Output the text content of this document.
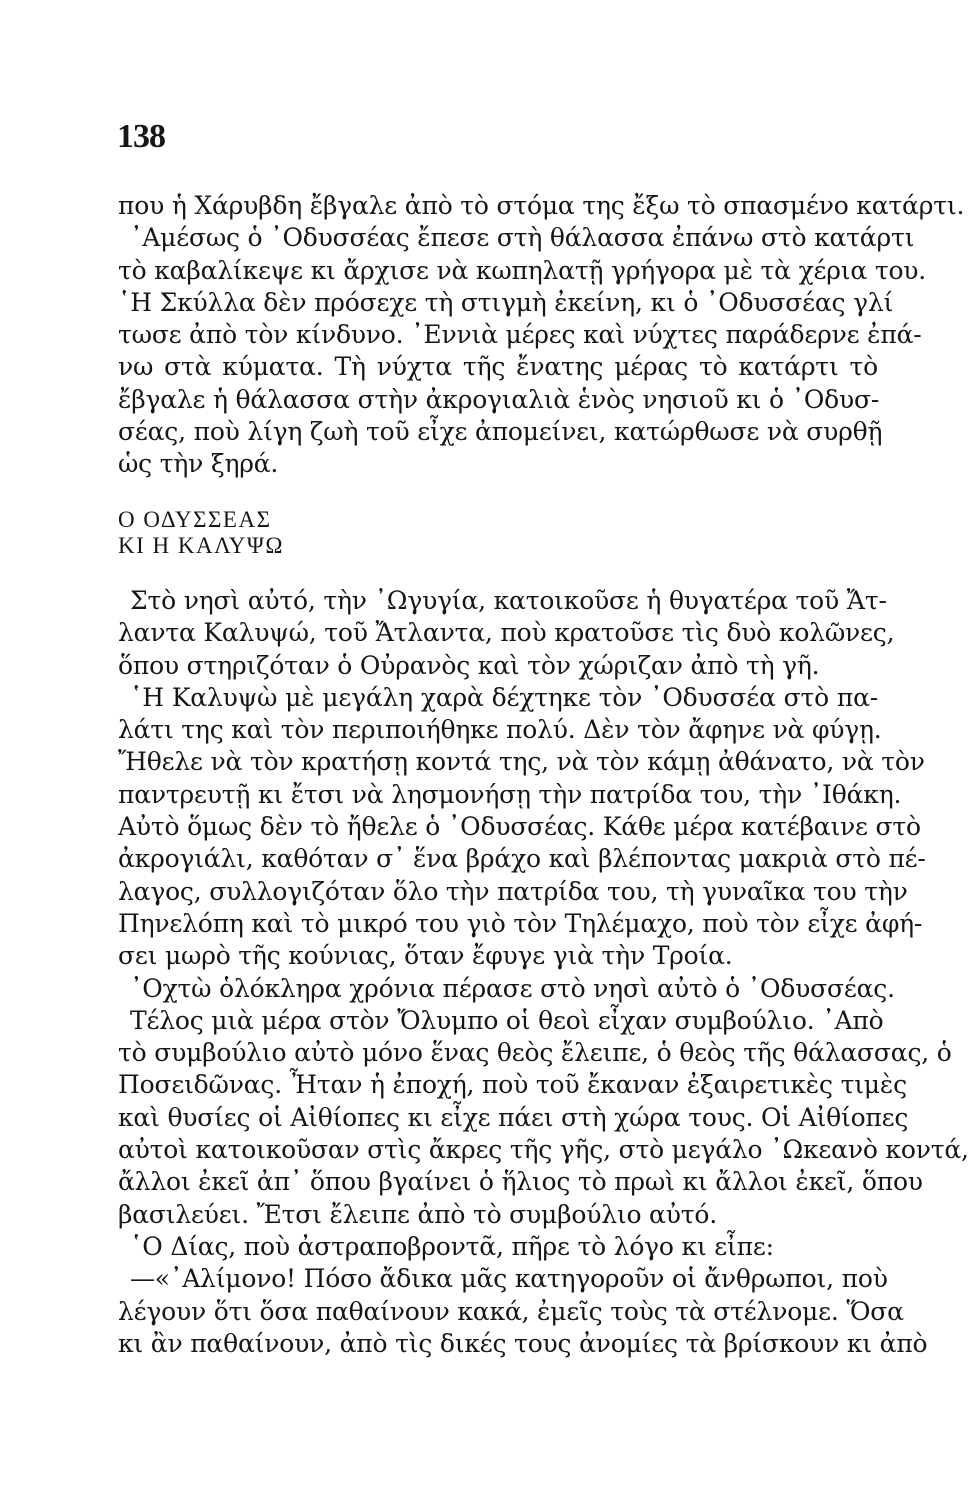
138
που ἡ Χάρυβδη ἔβγαλε ἀπὸ τὸ στόμα της ἔξω τὸ σπασμένο κατάρτι.
᾿Αμέσως ὁ ᾿Οδυσσέας ἔπεσε στὴ θάλασσα ἐπάνω στὸ κατάρτι
τὸ καβαλίκεψε κι ἄρχισε νὰ κωπηλατῇ γρήγορα μὲ τὰ χέρια του.
῾Η Σκύλλα δὲν πρόσεχε τὴ στιγμὴ ἐκείνη, κι ὁ ᾿Οδυσσέας γλί
τωσε ἀπὸ τὸν κίνδυνο. ᾿Εννιὰ μέρες καὶ νύχτες παράδερνε ἐπά-
νω στὰ κύματα. Τὴ νύχτα τῆς ἔνατης μέρας τὸ κατάρτι τὸ
ἔβγαλε ἡ θάλασσα στὴν ἀκρογιαλιὰ ἑνὸς νησιοῦ κι ὁ ᾿Οδυσ-
σέας, ποὺ λίγη ζωὴ τοῦ εἶχε ἀπομείνει, κατώρθωσε νὰ συρθῇ
ὡς τὴν ξηρά.
Ο ΟΔΥΣΣΕΑΣ
ΚΙ Η ΚΑΛΥΨΩ
Στὸ νησὶ αὐτό, τὴν ᾿Ωγυγία, κατοικοῦσε ἡ θυγατέρα τοῦ Ἄτ-
λαντα Καλυψώ, τοῦ Ἄτλαντα, ποὺ κρατοῦσε τὶς δυὸ κολῶνες,
ὅπου στηριζόταν ὁ Οὐρανὸς καὶ τὸν χώριζαν ἀπὸ τὴ γῆ.
῾Η Καλυψὼ μὲ μεγάλη χαρὰ δέχτηκε τὸν ᾿Οδυσσέα στὸ πα-
λάτι της καὶ τὸν περιποιήθηκε πολύ. Δὲν τὸν ἄφηνε νὰ φύγῃ.
Ἤθελε νὰ τὸν κρατήσῃ κοντά της, νὰ τὸν κάμῃ ἀθάνατο, νὰ τὸν
παντρευτῇ κι ἔτσι νὰ λησμονήσῃ τὴν πατρίδα του, τὴν ᾿Ιθάκη.
Αὐτὸ ὅμως δὲν τὸ ἤθελε ὁ ᾿Οδυσσέας. Κάθε μέρα κατέβαινε στὸ
ἀκρογιάλι, καθόταν σ᾿ ἕνα βράχο καὶ βλέποντας μακριὰ στὸ πέ-
λαγος, συλλογιζόταν ὅλο τὴν πατρίδα του, τὴ γυναῖκα του τὴν
Πηνελόπη καὶ τὸ μικρό του γιὸ τὸν Τηλέμαχο, ποὺ τὸν εἶχε ἀφή-
σει μωρὸ τῆς κούνιας, ὅταν ἔφυγε γιὰ τὴν Τροία.
᾿Οχτὼ ὁλόκληρα χρόνια πέρασε στὸ νησὶ αὐτὸ ὁ ᾿Οδυσσέας.
Τέλος μιὰ μέρα στὸν Ὄλυμπο οἱ θεοὶ εἶχαν συμβούλιο. ᾿Απὸ
τὸ συμβούλιο αὐτὸ μόνο ἕνας θεὸς ἔλειπε, ὁ θεὸς τῆς θάλασσας, ὁ
Ποσειδῶνας. Ἦταν ἡ ἐποχή, ποὺ τοῦ ἔκαναν ἐξαιρετικὲς τιμὲς
καὶ θυσίες οἱ Αἰθίοπες κι εἶχε πάει στὴ χώρα τους. Οἱ Αἰθίοπες
αὐτοὶ κατοικοῦσαν στὶς ἄκρες τῆς γῆς, στὸ μεγάλο ᾿Ωκεανὸ κοντά,
ἄλλοι ἐκεῖ ἀπ᾿ ὅπου βγαίνει ὁ ἥλιος τὸ πρωὶ κι ἄλλοι ἐκεῖ, ὅπου
βασιλεύει. Ἔτσι ἔλειπε ἀπὸ τὸ συμβούλιο αὐτό.
῾Ο Δίας, ποὺ ἀστραποβροντᾶ, πῆρε τὸ λόγο κι εἶπε:
—«᾿Αλίμονο! Πόσο ἄδικα μᾶς κατηγοροῦν οἱ ἄνθρωποι, ποὺ
λέγουν ὅτι ὅσα παθαίνουν κακά, ἐμεῖς τοὺς τὰ στέλνομε. Ὅσα
κι ἂν παθαίνουν, ἀπὸ τὶς δικές τους ἀνομίες τὰ βρίσκουν κι ἀπὸ
